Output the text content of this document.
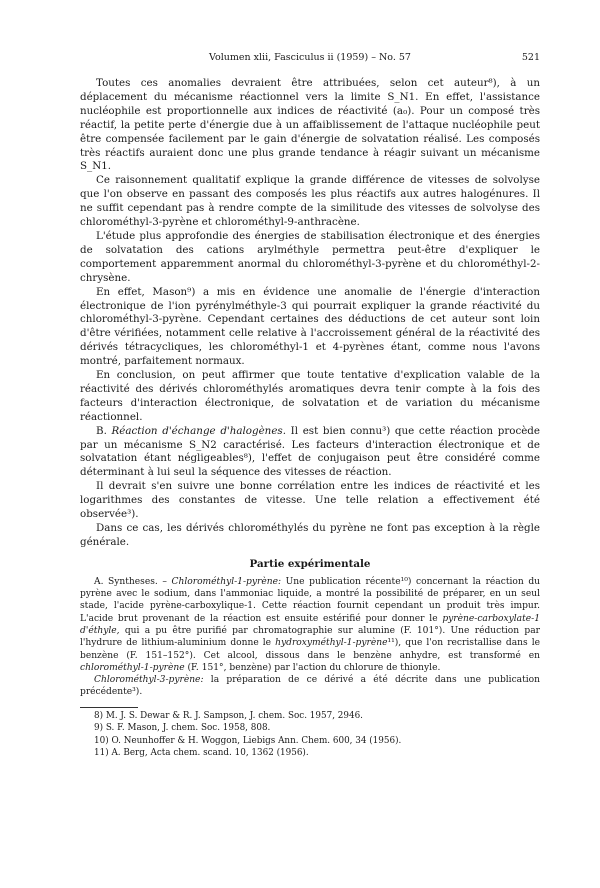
Volumen xlii, Fasciculus ii (1959) – No. 57	521

Toutes ces anomalies devraient être attribuées, selon cet auteur⁸), à un déplacement du mécanisme réactionnel vers la limite S_N1. En effet, l'assistance nucléophile est proportionnelle aux indices de réactivité (a₀). Pour un composé très réactif, la petite perte d'énergie due à un affaiblissement de l'attaque nucléophile peut être compensée facilement par le gain d'énergie de solvatation réalisé. Les composés très réactifs auraient donc une plus grande tendance à réagir suivant un mécanisme S_N1.

Ce raisonnement qualitatif explique la grande différence de vitesses de solvolyse que l'on observe en passant des composés les plus réactifs aux autres halogénures. Il ne suffit cependant pas à rendre compte de la similitude des vitesses de solvolyse des chlorométhyl-3-pyrène et chlorométhyl-9-anthracène.

L'étude plus approfondie des énergies de stabilisation électronique et des énergies de solvatation des cations arylméthyle permettra peut-être d'expliquer le comportement apparemment anormal du chlorométhyl-3-pyrène et du chlorométhyl-2-chrysène.

En effet, Mason⁹) a mis en évidence une anomalie de l'énergie d'interaction électronique de l'ion pyrénylméthyle-3 qui pourrait expliquer la grande réactivité du chlorométhyl-3-pyrène. Cependant certaines des déductions de cet auteur sont loin d'être vérifiées, notamment celle relative à l'accroissement général de la réactivité des dérivés tétracycliques, les chlorométhyl-1 et 4-pyrènes étant, comme nous l'avons montré, parfaitement normaux.

En conclusion, on peut affirmer que toute tentative d'explication valable de la réactivité des dérivés chlorométhylés aromatiques devra tenir compte à la fois des facteurs d'interaction électronique, de solvatation et de variation du mécanisme réactionnel.

B. Réaction d'échange d'halogènes. Il est bien connu³) que cette réaction procède par un mécanisme S_N2 caractérisé. Les facteurs d'interaction électronique et de solvatation étant négligeables⁸), l'effet de conjugaison peut être considéré comme déterminant à lui seul la séquence des vitesses de réaction.

Il devrait s'en suivre une bonne corrélation entre les indices de réactivité et les logarithmes des constantes de vitesse. Une telle relation a effectivement été observée³).

Dans ce cas, les dérivés chlorométhylés du pyrène ne font pas exception à la règle générale.

Partie expérimentale

A. Syntheses. – Chlorométhyl-1-pyrène: Une publication récente¹⁰) concernant la réaction du pyrène avec le sodium, dans l'ammoniac liquide, a montré la possibilité de préparer, en un seul stade, l'acide pyrène-carboxylique-1. Cette réaction fournit cependant un produit très impur. L'acide brut provenant de la réaction est ensuite estérifié pour donner le pyrène-carboxylate-1 d'éthyle, qui a pu être purifié par chromatographie sur alumine (F. 101°). Une réduction par l'hydrure de lithium-aluminium donne le hydroxyméthyl-1-pyrène¹¹), que l'on recristallise dans le benzène (F. 151–152°). Cet alcool, dissous dans le benzène anhydre, est transformé en chlorométhyl-1-pyrène (F. 151°, benzène) par l'action du chlorure de thionyle.

Chlorométhyl-3-pyrène: la préparation de ce dérivé a été décrite dans une publication précédente³).

8) M. J. S. Dewar & R. J. Sampson, J. chem. Soc. 1957, 2946.
9) S. F. Mason, J. chem. Soc. 1958, 808.
10) O. Neunhoffer & H. Woggon, Liebigs Ann. Chem. 600, 34 (1956).
11) A. Berg, Acta chem. scand. 10, 1362 (1956).
